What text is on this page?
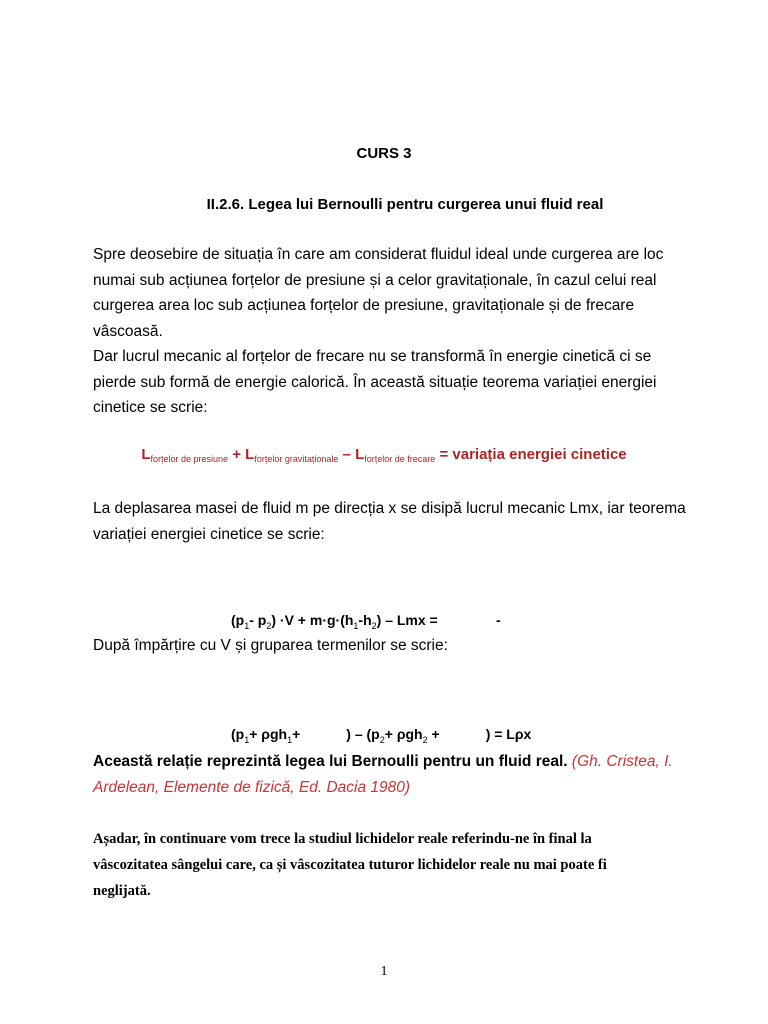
CURS 3
II.2.6. Legea lui Bernoulli pentru curgerea unui fluid real
Spre deosebire de situația în care am considerat fluidul ideal unde curgerea are loc numai sub acțiunea forțelor de presiune și a celor gravitaționale, în cazul celui real curgerea area loc sub acțiunea forțelor de presiune, gravitaționale și de frecare vâscoasă.
Dar lucrul mecanic al forțelor de frecare nu se transformă în energie cinetică ci se pierde sub formă de energie calorică. În această situație teorema variației energiei cinetice se scrie:
$L_{forțelor de presiune} + L_{forțelor gravitaționale} - L_{forțelor de frecare}$ = variația energiei cinetice
La deplasarea masei de fluid m pe direcția x se disipă lucrul mecanic Lmx, iar teorema variației energiei cinetice se scrie:
($p_1-$ $p_2) \cdot V + m\cdot g\cdot(h_1-h_2)$ – Lmx =	-
După împărțire cu V și gruparea termenilor se scrie:
($p_1+ \rho gh_1+$	) – ($p_2+ \rho gh_2$ +	) = Lρx
Această relație reprezintă legea lui Bernoulli pentru un fluid real. (Gh. Cristea, I. Ardelean, Elemente de fizică, Ed. Dacia 1980)
Așadar, în continuare vom trece la studiul lichidelor reale referindu-ne în final la vâscozitatea sângelui care, ca și vâscozitatea tuturor lichidelor reale nu mai poate fi neglijată.
1
